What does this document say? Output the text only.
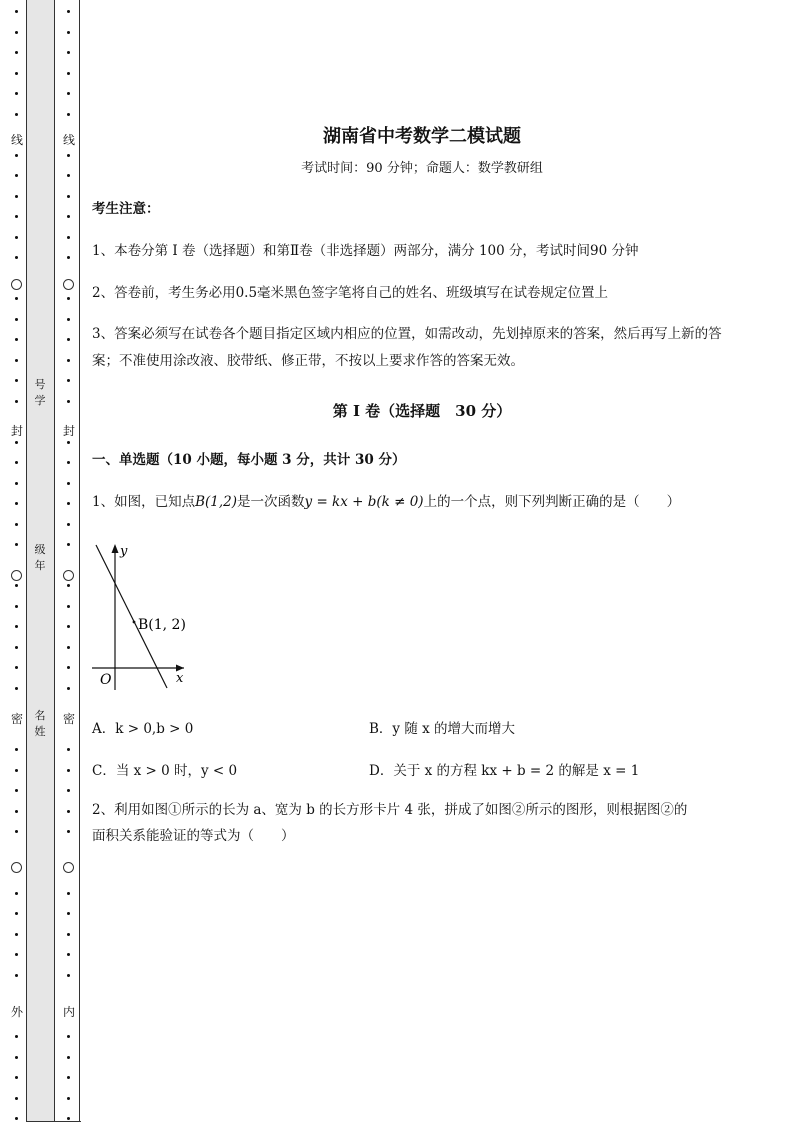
线
封
密
外
线
封
密
内
号学
级年
名姓
湖南省中考数学二模试题
考试时间：90 分钟；命题人：数学教研组
考生注意：
1、本卷分第 I 卷（选择题）和第Ⅱ卷（非选择题）两部分，满分 100 分，考试时间90 分钟
2、答卷前，考生务必用0.5毫米黑色签字笔将自己的姓名、班级填写在试卷规定位置上
3、答案必须写在试卷各个题目指定区域内相应的位置，如需改动，先划掉原来的答案，然后再写上新的答案；不准使用涂改液、胶带纸、修正带，不按以上要求作答的答案无效。
第 I 卷（选择题　30 分）
一、单选题（10 小题，每小题 3 分，共计 30 分）
1、如图，已知点B(1,2)是一次函数y = kx + b(k ≠ 0)上的一个点，则下列判断正确的是（　　）
y
x
O
B(1, 2)
A．k > 0,b > 0	B．y 随 x 的增大而增大
C．当 x > 0 时，y < 0	D．关于 x 的方程 kx + b = 2 的解是 x = 1
2、利用如图①所示的长为 a、宽为 b 的长方形卡片 4 张，拼成了如图②所示的图形，则根据图②的
面积关系能验证的等式为（　　）
